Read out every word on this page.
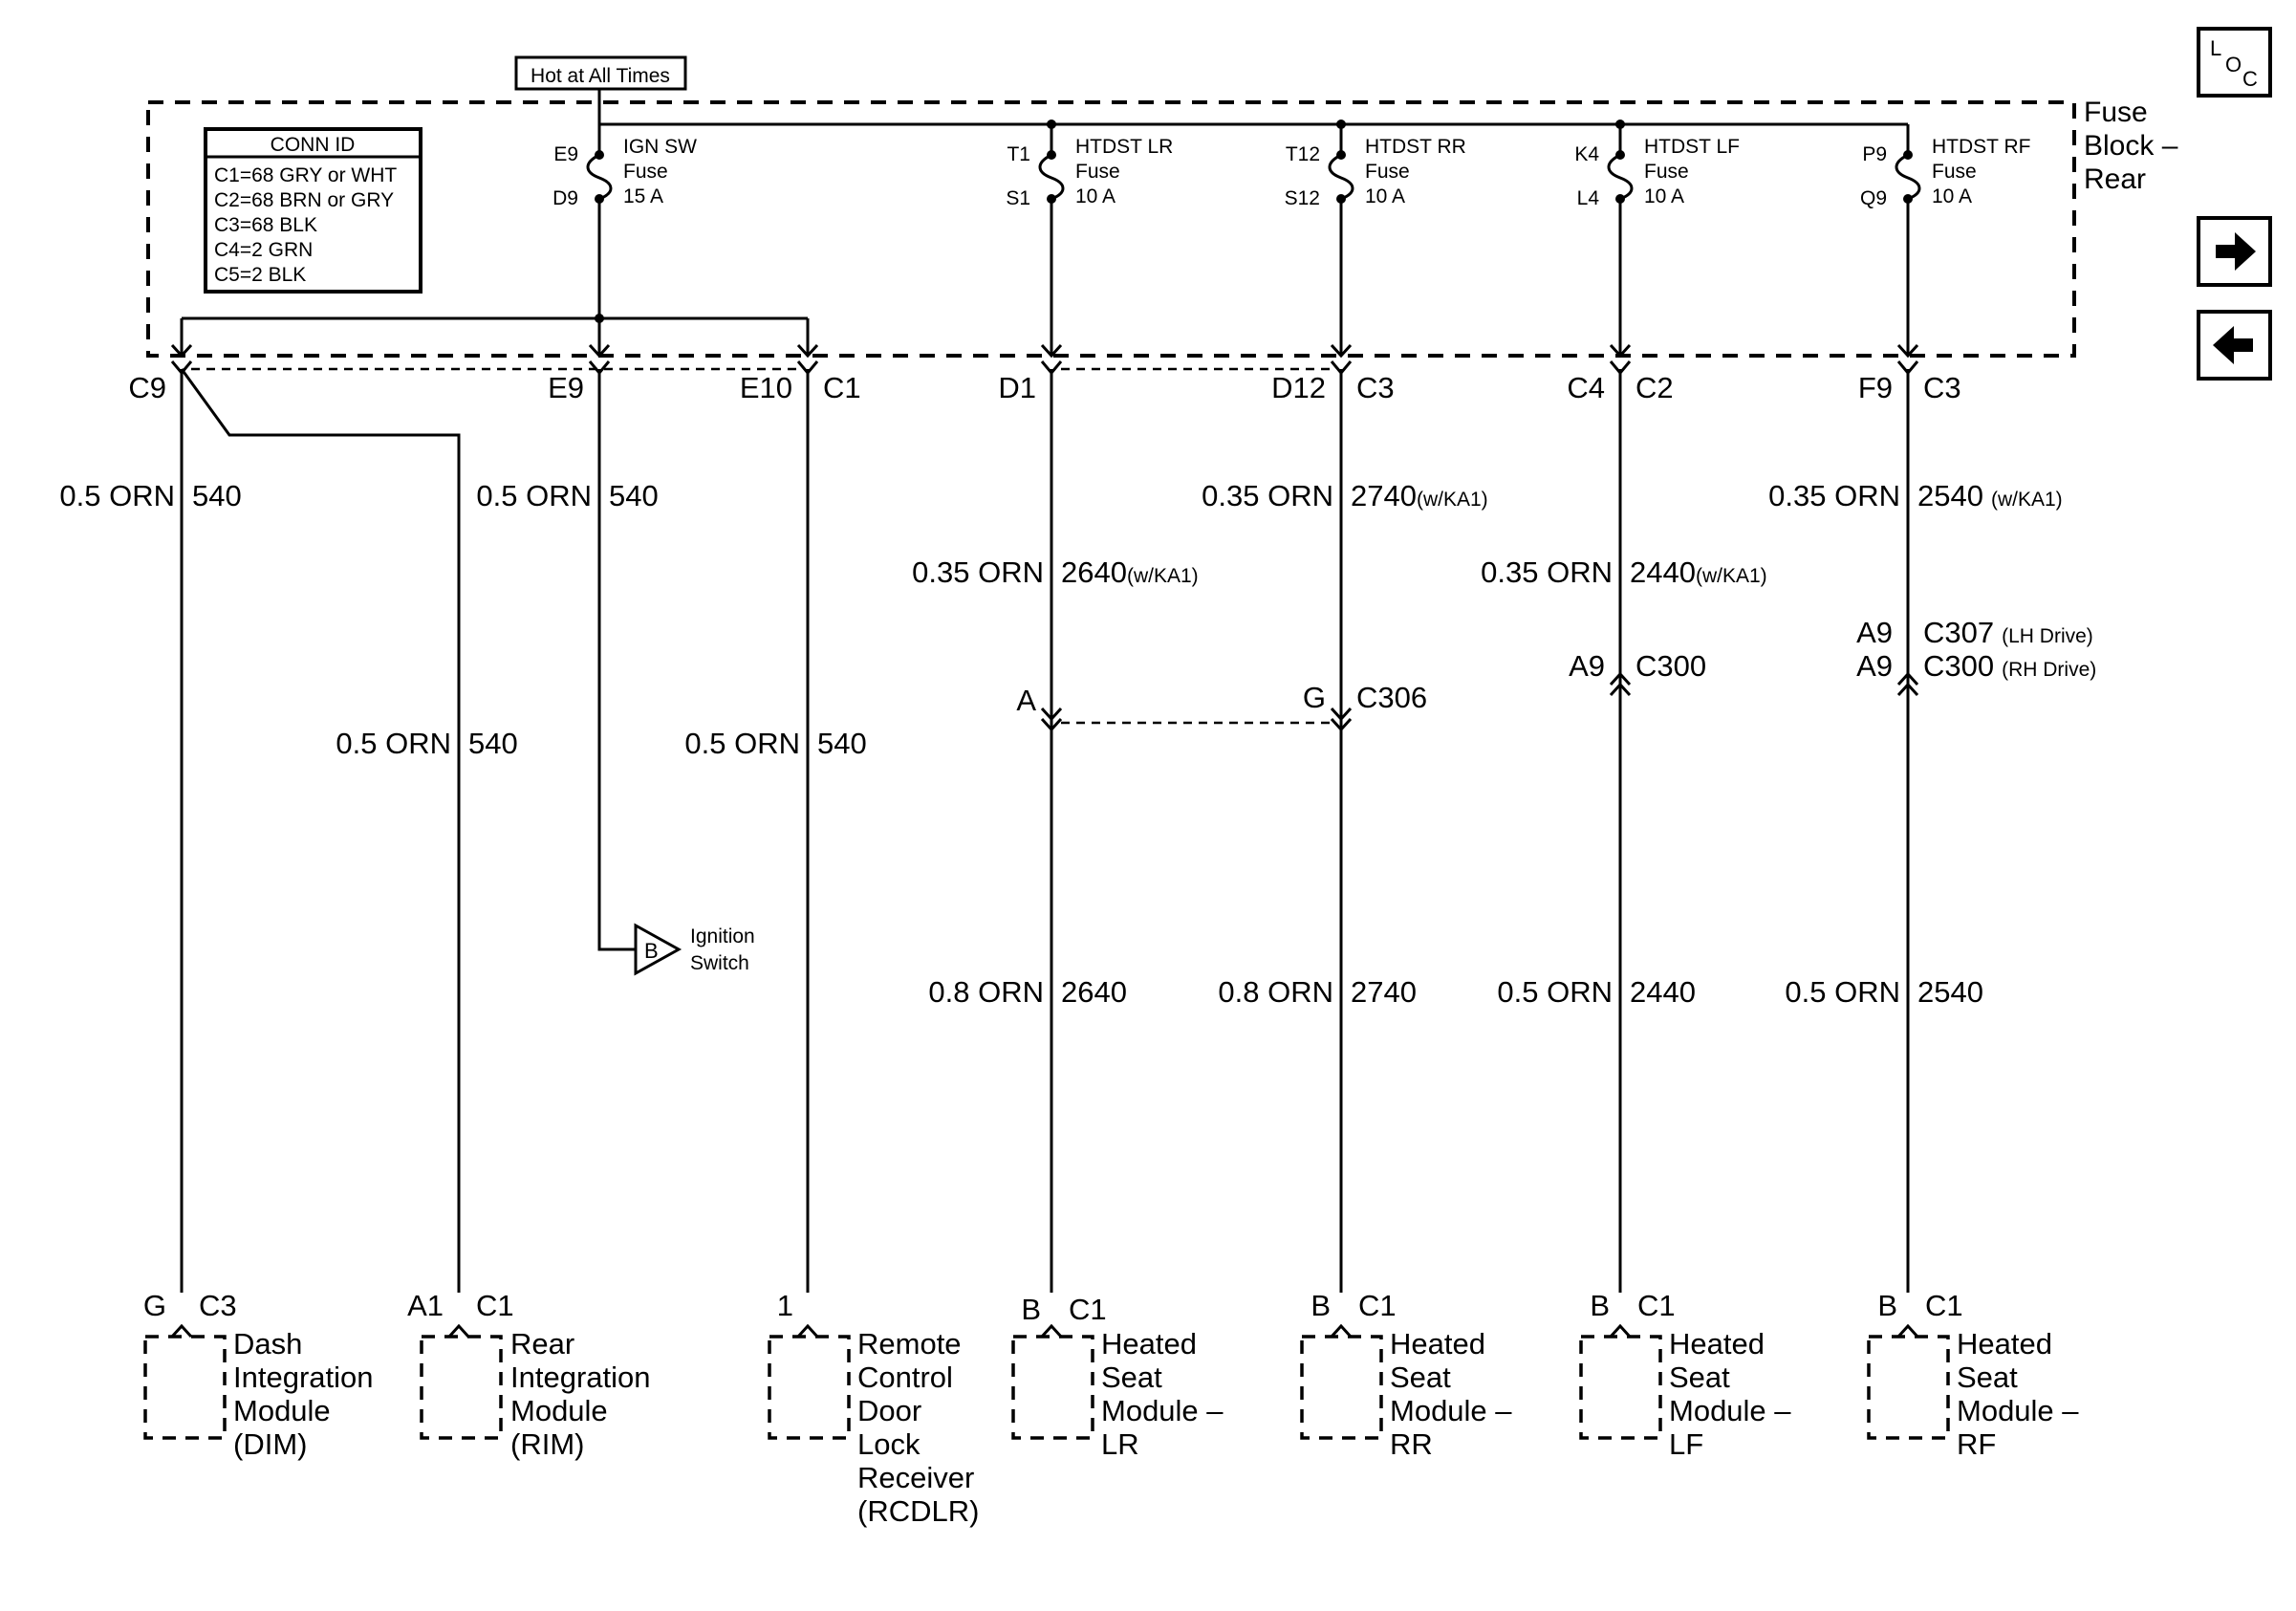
Hot at All Times
Fuse
Block –
Rear
CONN ID
C1=68 GRY or WHT
C2=68 BRN or GRY
C3=68 BLK
C4=2 GRN
C5=2 BLK
L
O
C
E9
D9
IGN SW
Fuse
15 A
T1
S1
HTDST LR
Fuse
10 A
T12
S12
HTDST RR
Fuse
10 A
K4
L4
HTDST LF
Fuse
10 A
P9
Q9
HTDST RF
Fuse
10 A
C9	E9	E10 C1	D1	D12 C3	C4 C2	F9 C3
0.5 ORN 540	0.5 ORN 540	0.35 ORN 2740(w/KA1)	0.35 ORN 2540 (w/KA1)
0.35 ORN 2640(w/KA1)	0.35 ORN 2440(w/KA1)
0.5 ORN 540	0.5 ORN 540
A	G C306
A9 C300
A9 C307 (LH Drive)
A9 C300 (RH Drive)
B
Ignition
Switch
0.8 ORN 2640	0.8 ORN 2740	0.5 ORN 2440	0.5 ORN 2540
G C3
Dash
Integration
Module
(DIM)
A1 C1
Rear
Integration
Module
(RIM)
1
Remote
Control
Door
Lock
Receiver
(RCDLR)
B C1
Heated
Seat
Module –
LR
B C1
Heated
Seat
Module –
RR
B C1
Heated
Seat
Module –
LF
B C1
Heated
Seat
Module –
RF
